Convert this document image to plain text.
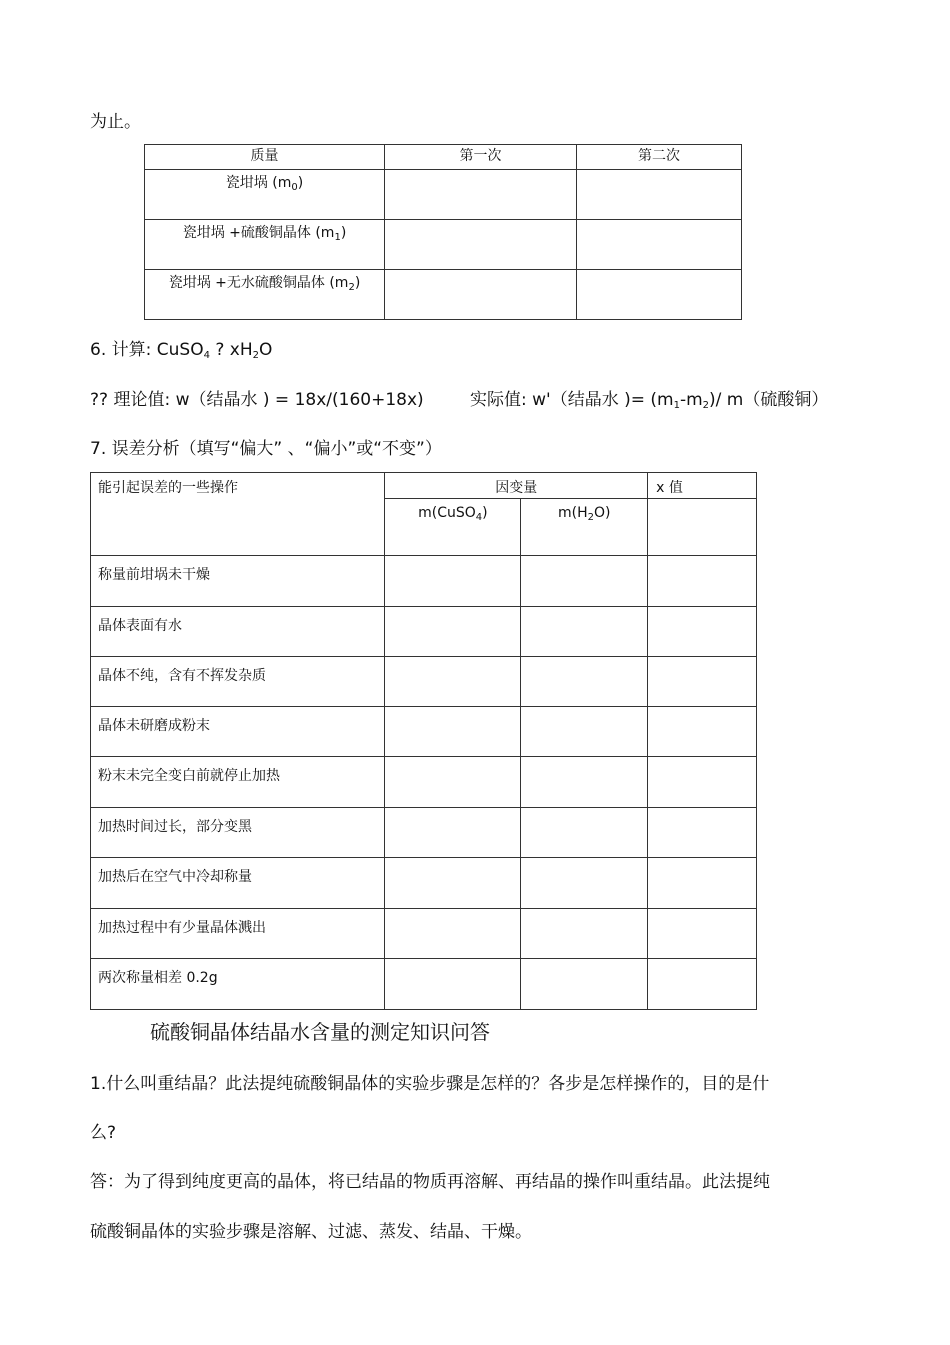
为止。
质量	第一次	第二次
瓷坩埚 $(m_0)$		
瓷坩埚 +硫酸铜晶体 $(m_1)$		
瓷坩埚 +无水硫酸铜晶体 $(m_2)$		
6. 计算: CuSO$_4$ ? $xH_2O$
?? 理论值: w（结晶水 ) = 18x/(160+18x)	实际值: w'（结晶水 )= $(m_1-m_2)/$ m（硫酸铜）
7. 误差分析（填写“偏大” 、“偏小”或“不变”）
能引起误差的一些操作	因变量		x 值
	m(CuSO$_4$)	$m(H_2O)$	
称量前坩埚未干燥			
晶体表面有水			
晶体不纯，含有不挥发杂质			
晶体未研磨成粉末			
粉末未完全变白前就停止加热			
加热时间过长，部分变黑			
加热后在空气中冷却称量			
加热过程中有少量晶体溅出			
两次称量相差 0.2g			
硫酸铜晶体结晶水含量的测定知识问答
1.什么叫重结晶？此法提纯硫酸铜晶体的实验步骤是怎样的？各步是怎样操作的，目的是什
么?
答：为了得到纯度更高的晶体，将已结晶的物质再溶解、再结晶的操作叫重结晶。此法提纯
硫酸铜晶体的实验步骤是溶解、过滤、蒸发、结晶、干燥。
